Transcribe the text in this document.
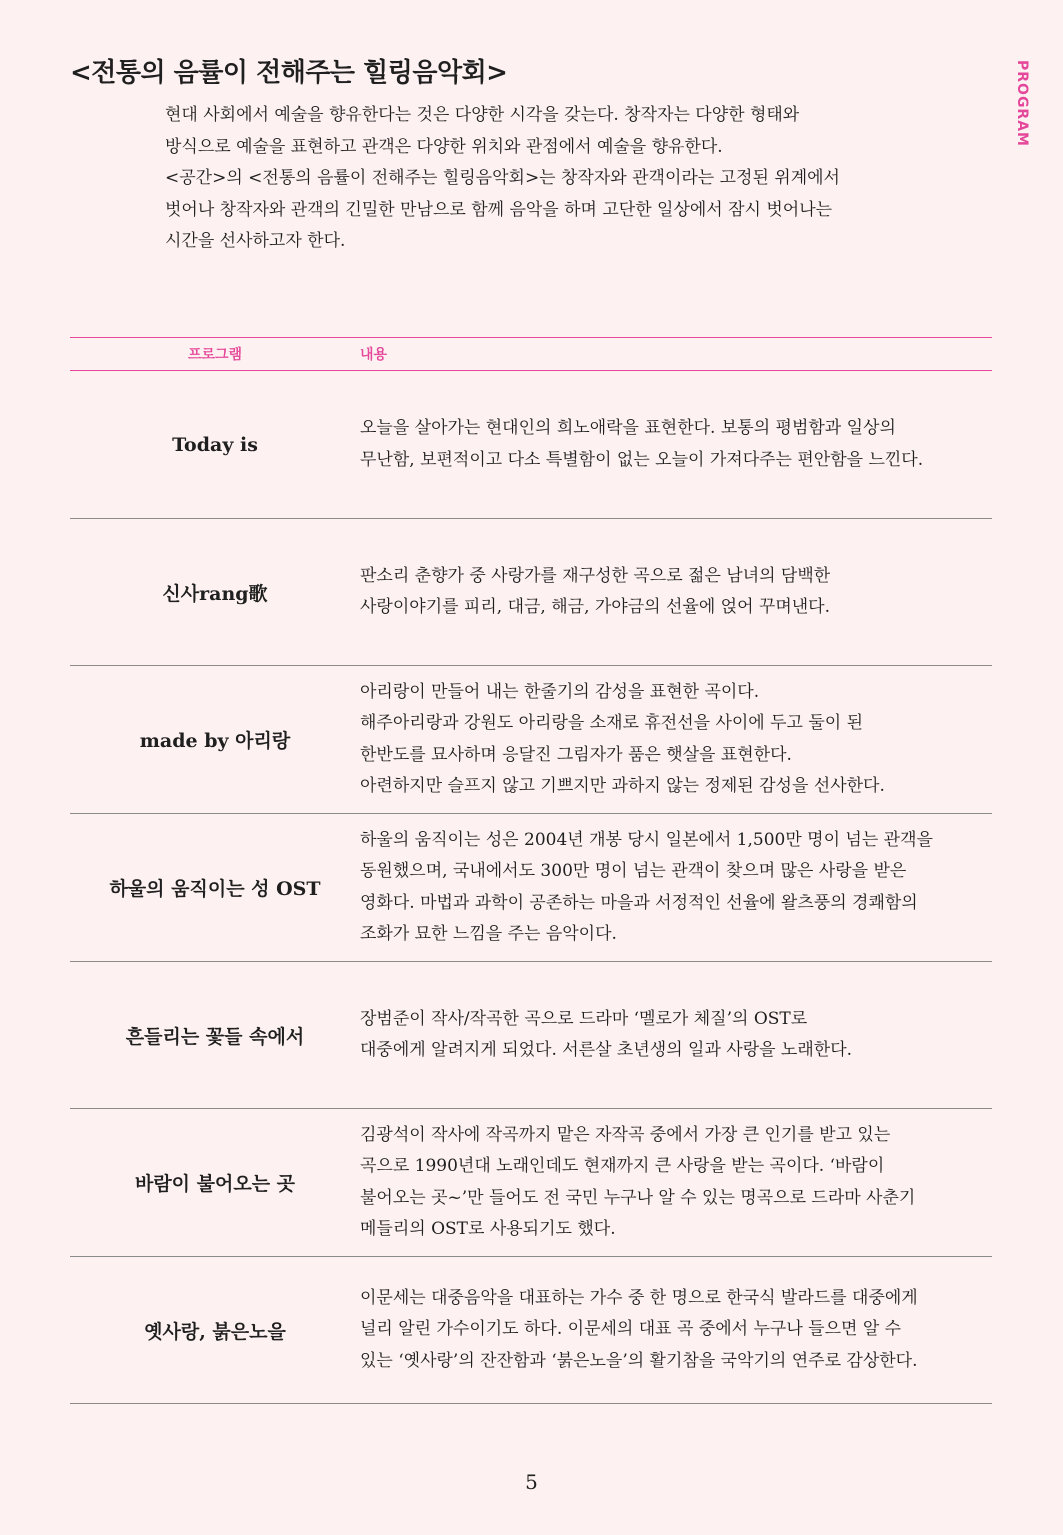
<전통의 음률이 전해주는 힐링음악회>	PROGRAM

현대 사회에서 예술을 향유한다는 것은 다양한 시각을 갖는다. 창작자는 다양한 형태와

방식으로 예술을 표현하고 관객은 다양한 위치와 관점에서 예술을 향유한다.

<공간>의 <전통의 음률이 전해주는 힐링음악회>는 창작자와 관객이라는 고정된 위계에서

벗어나 창작자와 관객의 긴밀한 만남으로 함께 음악을 하며 고단한 일상에서 잠시 벗어나는

시간을 선사하고자 한다.

프로그램	내용
Today is

오늘을 살아가는 현대인의 희노애락을 표현한다. 보통의 평범함과 일상의

무난함, 보편적이고 다소 특별함이 없는 오늘이 가져다주는 편안함을 느낀다.

신사rang歌

판소리 춘향가 중 사랑가를 재구성한 곡으로 젊은 남녀의 담백한

사랑이야기를 피리, 대금, 해금, 가야금의 선율에 얹어 꾸며낸다.

made by 아리랑

아리랑이 만들어 내는 한줄기의 감성을 표현한 곡이다.

해주아리랑과 강원도 아리랑을 소재로 휴전선을 사이에 두고 둘이 된

한반도를 묘사하며 응달진 그림자가 품은 햇살을 표현한다.

아련하지만 슬프지 않고 기쁘지만 과하지 않는 정제된 감성을 선사한다.

하울의 움직이는 성 OST

하울의 움직이는 성은 2004년 개봉 당시 일본에서 1,500만 명이 넘는 관객을

동원했으며, 국내에서도 300만 명이 넘는 관객이 찾으며 많은 사랑을 받은

영화다. 마법과 과학이 공존하는 마을과 서정적인 선율에 왈츠풍의 경쾌함의

조화가 묘한 느낌을 주는 음악이다.

흔들리는 꽃들 속에서

장범준이 작사/작곡한 곡으로 드라마 ‘멜로가 체질’의 OST로

대중에게 알려지게 되었다. 서른살 초년생의 일과 사랑을 노래한다.

바람이 불어오는 곳

김광석이 작사에 작곡까지 맡은 자작곡 중에서 가장 큰 인기를 받고 있는

곡으로 1990년대 노래인데도 현재까지 큰 사랑을 받는 곡이다. ‘바람이

불어오는 곳~’만 들어도 전 국민 누구나 알 수 있는 명곡으로 드라마 사춘기

메들리의 OST로 사용되기도 했다.

옛사랑, 붉은노을

이문세는 대중음악을 대표하는 가수 중 한 명으로 한국식 발라드를 대중에게

널리 알린 가수이기도 하다. 이문세의 대표 곡 중에서 누구나 들으면 알 수

있는 ‘옛사랑’의 잔잔함과 ‘붉은노을’의 활기참을 국악기의 연주로 감상한다.

5
